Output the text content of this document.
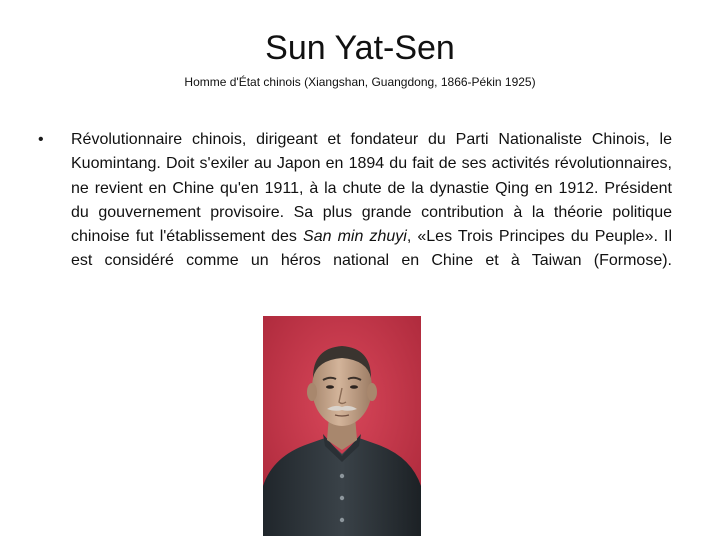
Sun Yat-Sen
Homme d'État chinois (Xiangshan, Guangdong, 1866-Pékin 1925)
• Révolutionnaire chinois, dirigeant et fondateur du Parti Nationaliste Chinois, le Kuomintang. Doit s'exiler au Japon en 1894 du fait de ses activités révolutionnaires, ne revient en Chine qu'en 1911, à la chute de la dynastie Qing en 1912. Président du gouvernement provisoire. Sa plus grande contribution à la théorie politique chinoise fut l'établissement des San min zhuyi, «Les Trois Principes du Peuple». Il est considéré comme un héros national en Chine et à Taiwan (Formose).
